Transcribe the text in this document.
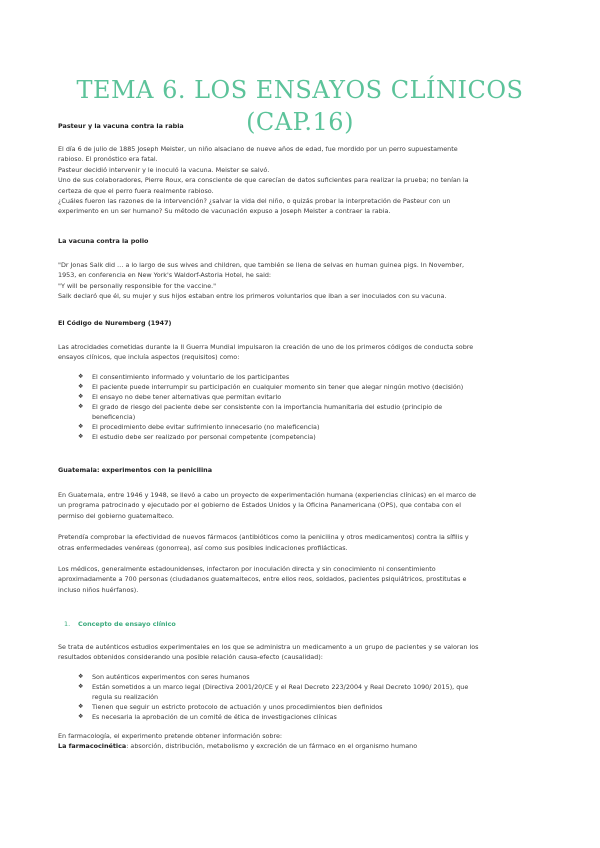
TEMA 6. LOS ENSAYOS CLÍNICOS (CAP.16)
Pasteur y la vacuna contra la rabia

El día 6 de julio de 1885 Joseph Meister, un niño alsaciano de nueve años de edad, fue mordido por un perro supuestamente

rabioso. El pronóstico era fatal.

Pasteur decidió intervenir y le inoculó la vacuna. Meister se salvó.

Uno de sus colaboradores, Pierre Roux, era consciente de que carecían de datos suficientes para realizar la prueba; no tenían la

certeza de que el perro fuera realmente rabioso.

¿Cuáles fueron las razones de la intervención? ¿salvar la vida del niño, o quizás probar la interpretación de Pasteur con un

experimento en un ser humano? Su método de vacunación expuso a Joseph Meister a contraer la rabia.

La vacuna contra la polio

"Dr Jonas Salk did … a lo largo de sus wives and children, que también se llena de selvas en human guinea pigs. In November,

1953, en conferencia en New York's Waldorf-Astoria Hotel, he said:

"Y will be personally responsible for the vaccine."

Salk declaró que él, su mujer y sus hijos estaban entre los primeros voluntarios que iban a ser inoculados con su vacuna.

El Código de Nuremberg (1947)

Las atrocidades cometidas durante la II Guerra Mundial impulsaron la creación de uno de los primeros códigos de conducta sobre

ensayos clínicos, que incluía aspectos (requisitos) como:

❖ El consentimiento informado y voluntario de los participantes
❖ El paciente puede interrumpir su participación en cualquier momento sin tener que alegar ningún motivo (decisión)
❖ El ensayo no debe tener alternativas que permitan evitarlo
❖ El grado de riesgo del paciente debe ser consistente con la importancia humanitaria del estudio (principio de
beneficencia)
❖ El procedimiento debe evitar sufrimiento innecesario (no maleficencia)
❖ El estudio debe ser realizado por personal competente (competencia)
Guatemala: experimentos con la penicilina

En Guatemala, entre 1946 y 1948, se llevó a cabo un proyecto de experimentación humana (experiencias clínicas) en el marco de

un programa patrocinado y ejecutado por el gobierno de Estados Unidos y la Oficina Panamericana (OPS), que contaba con el

permiso del gobierno guatemalteco.

Pretendía comprobar la efectividad de nuevos fármacos (antibióticos como la penicilina y otros medicamentos) contra la sífilis y

otras enfermedades venéreas (gonorrea), así como sus posibles indicaciones profilácticas.

Los médicos, generalmente estadounidenses, infectaron por inoculación directa y sin conocimiento ni consentimiento

aproximadamente a 700 personas (ciudadanos guatemaltecos, entre ellos reos, soldados, pacientes psiquiátricos, prostitutas e

incluso niños huérfanos).

1. Concepto de ensayo clínico

Se trata de auténticos estudios experimentales en los que se administra un medicamento a un grupo de pacientes y se valoran los

resultados obtenidos considerando una posible relación causa-efecto (causalidad):

❖ Son auténticos experimentos con seres humanos
❖ Están sometidos a un marco legal (Directiva 2001/20/CE y el Real Decreto 223/2004 y Real Decreto 1090/ 2015), que
regula su realización
❖ Tienen que seguir un estricto protocolo de actuación y unos procedimientos bien definidos
❖ Es necesaria la aprobación de un comité de ética de investigaciones clínicas

En farmacología, el experimento pretende obtener información sobre:

La farmacocinética: absorción, distribución, metabolismo y excreción de un fármaco en el organismo humano
